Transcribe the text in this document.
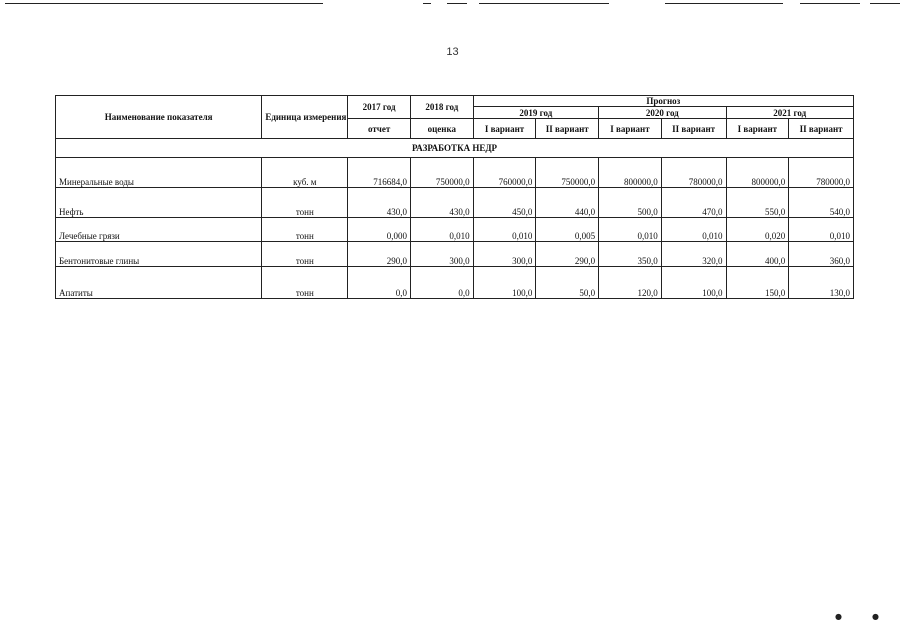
13
Наименование показателя	Единица измерения	2017 год	2018 год	Прогноз					
				2019 год		2020 год		2021 год	
		отчет	оценка	I вариант	II вариант	I вариант	II вариант	I вариант	II вариант
РАЗРАБОТКА НЕДР									
Минеральные воды	куб. м	716684,0	750000,0	760000,0	750000,0	800000,0	780000,0	800000,0	780000,0
Нефть	тонн	430,0	430,0	450,0	440,0	500,0	470,0	550,0	540,0
Лечебные грязи	тонн	0,000	0,010	0,010	0,005	0,010	0,010	0,020	0,010
Бентонитовые глины	тонн	290,0	300,0	300,0	290,0	350,0	320,0	400,0	360,0
Апатиты	тонн	0,0	0,0	100,0	50,0	120,0	100,0	150,0	130,0
●	●
